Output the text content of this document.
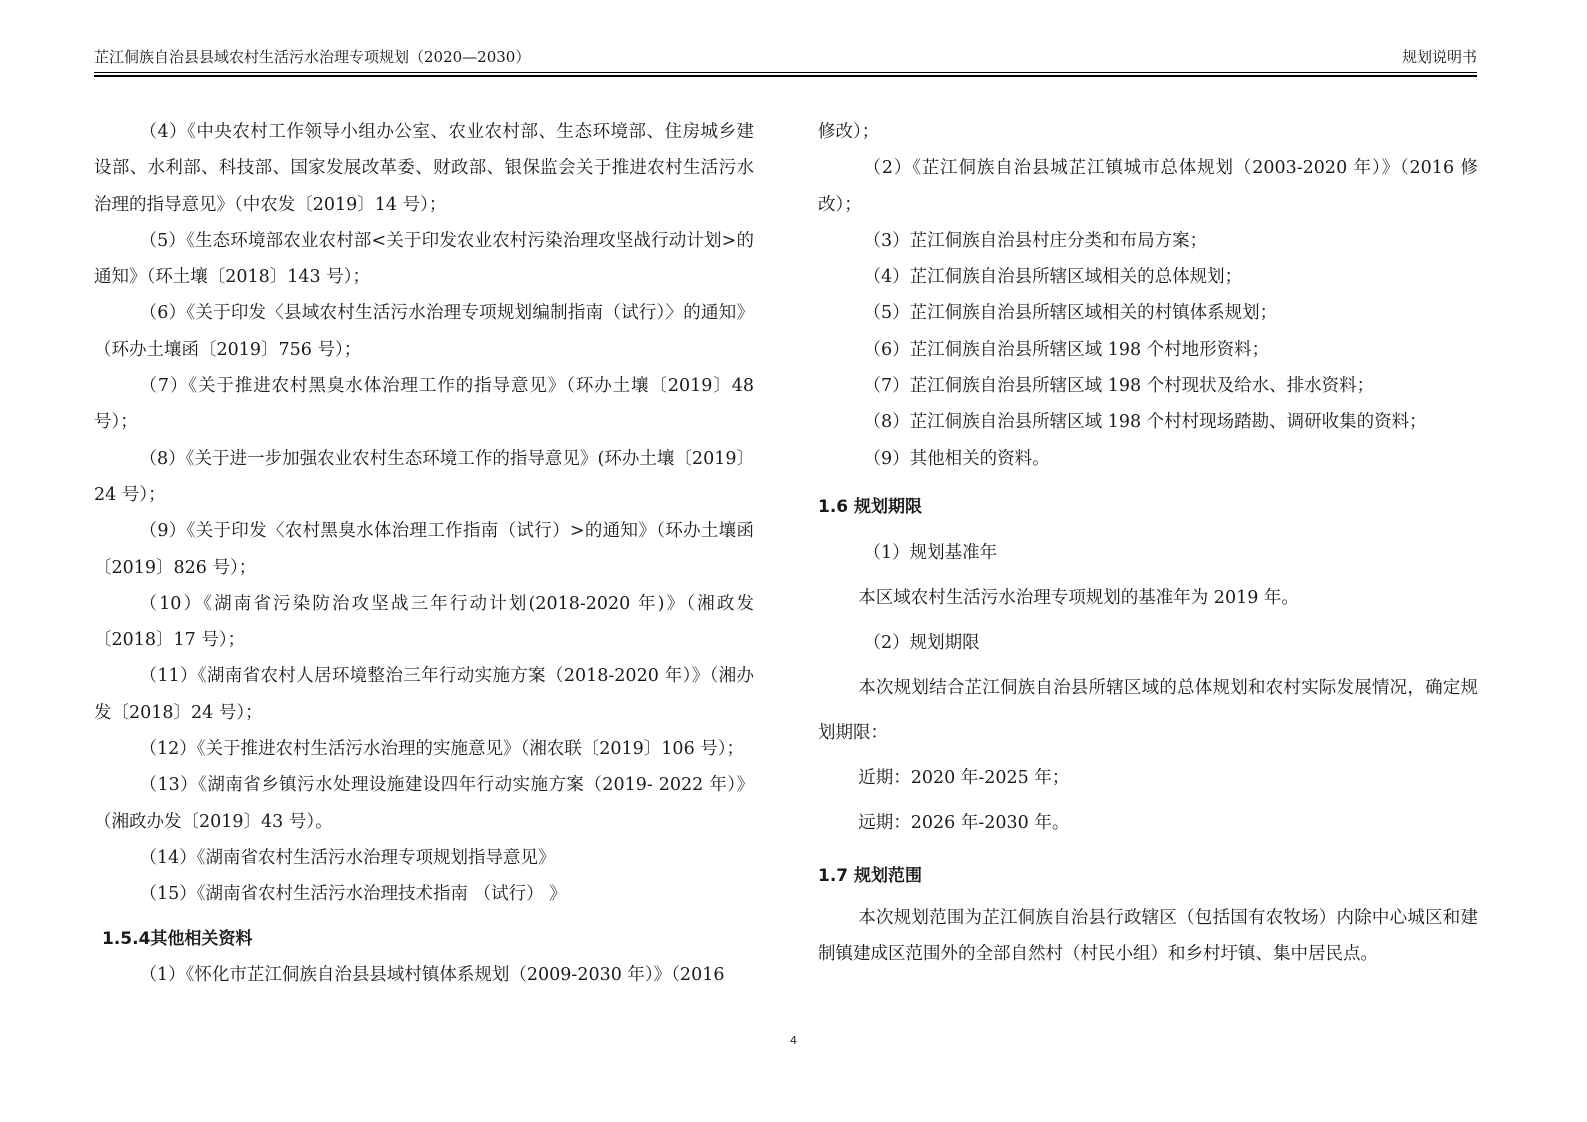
芷江侗族自治县县域农村生活污水治理专项规划（2020—2030）	规划说明书

（4）《中央农村工作领导小组办公室、农业农村部、生态环境部、住房城乡建设部、水利部、科技部、国家发展改革委、财政部、银保监会关于推进农村生活污水治理的指导意见》（中农发〔2019〕14 号）；

（5）《生态环境部农业农村部<关于印发农业农村污染治理攻坚战行动计划>的通知》（环土壤〔2018〕143 号）；

（6）《关于印发〈县域农村生活污水治理专项规划编制指南（试行）〉的通知》（环办土壤函〔2019〕756 号）；

（7）《关于推进农村黑臭水体治理工作的指导意见》（环办土壤〔2019〕48 号）；

（8）《关于进一步加强农业农村生态环境工作的指导意见》(环办土壤〔2019〕24 号）；

（9）《关于印发〈农村黑臭水体治理工作指南（试行）>的通知》（环办土壤函〔2019〕826 号）；

（10）《湖南省污染防治攻坚战三年行动计划(2018-2020 年)》（湘政发〔2018〕17 号）；

（11）《湖南省农村人居环境整治三年行动实施方案（2018-2020 年）》（湘办发〔2018〕24 号）；

（12）《关于推进农村生活污水治理的实施意见》（湘农联〔2019〕106 号）；

（13）《湖南省乡镇污水处理设施建设四年行动实施方案（2019- 2022 年）》（湘政办发〔2019〕43 号）。

（14）《湖南省农村生活污水治理专项规划指导意见》

（15）《湖南省农村生活污水治理技术指南 （试行） 》

1.5.4其他相关资料

（1）《怀化市芷江侗族自治县县域村镇体系规划（2009-2030 年）》（2016

修改）；

（2）《芷江侗族自治县城芷江镇城市总体规划（2003-2020 年）》（2016 修改）；

（3）芷江侗族自治县村庄分类和布局方案；

（4）芷江侗族自治县所辖区域相关的总体规划；

（5）芷江侗族自治县所辖区域相关的村镇体系规划；

（6）芷江侗族自治县所辖区域 198 个村地形资料；

（7）芷江侗族自治县所辖区域 198 个村现状及给水、排水资料；

（8）芷江侗族自治县所辖区域 198 个村村现场踏勘、调研收集的资料；

（9）其他相关的资料。

1.6 规划期限

（1）规划基准年

本区域农村生活污水治理专项规划的基准年为 2019 年。

（2）规划期限

本次规划结合芷江侗族自治县所辖区域的总体规划和农村实际发展情况，确定规划期限：

近期：2020 年-2025 年；

远期：2026 年-2030 年。

1.7 规划范围

本次规划范围为芷江侗族自治县行政辖区（包括国有农牧场）内除中心城区和建制镇建成区范围外的全部自然村（村民小组）和乡村圩镇、集中居民点。

4
